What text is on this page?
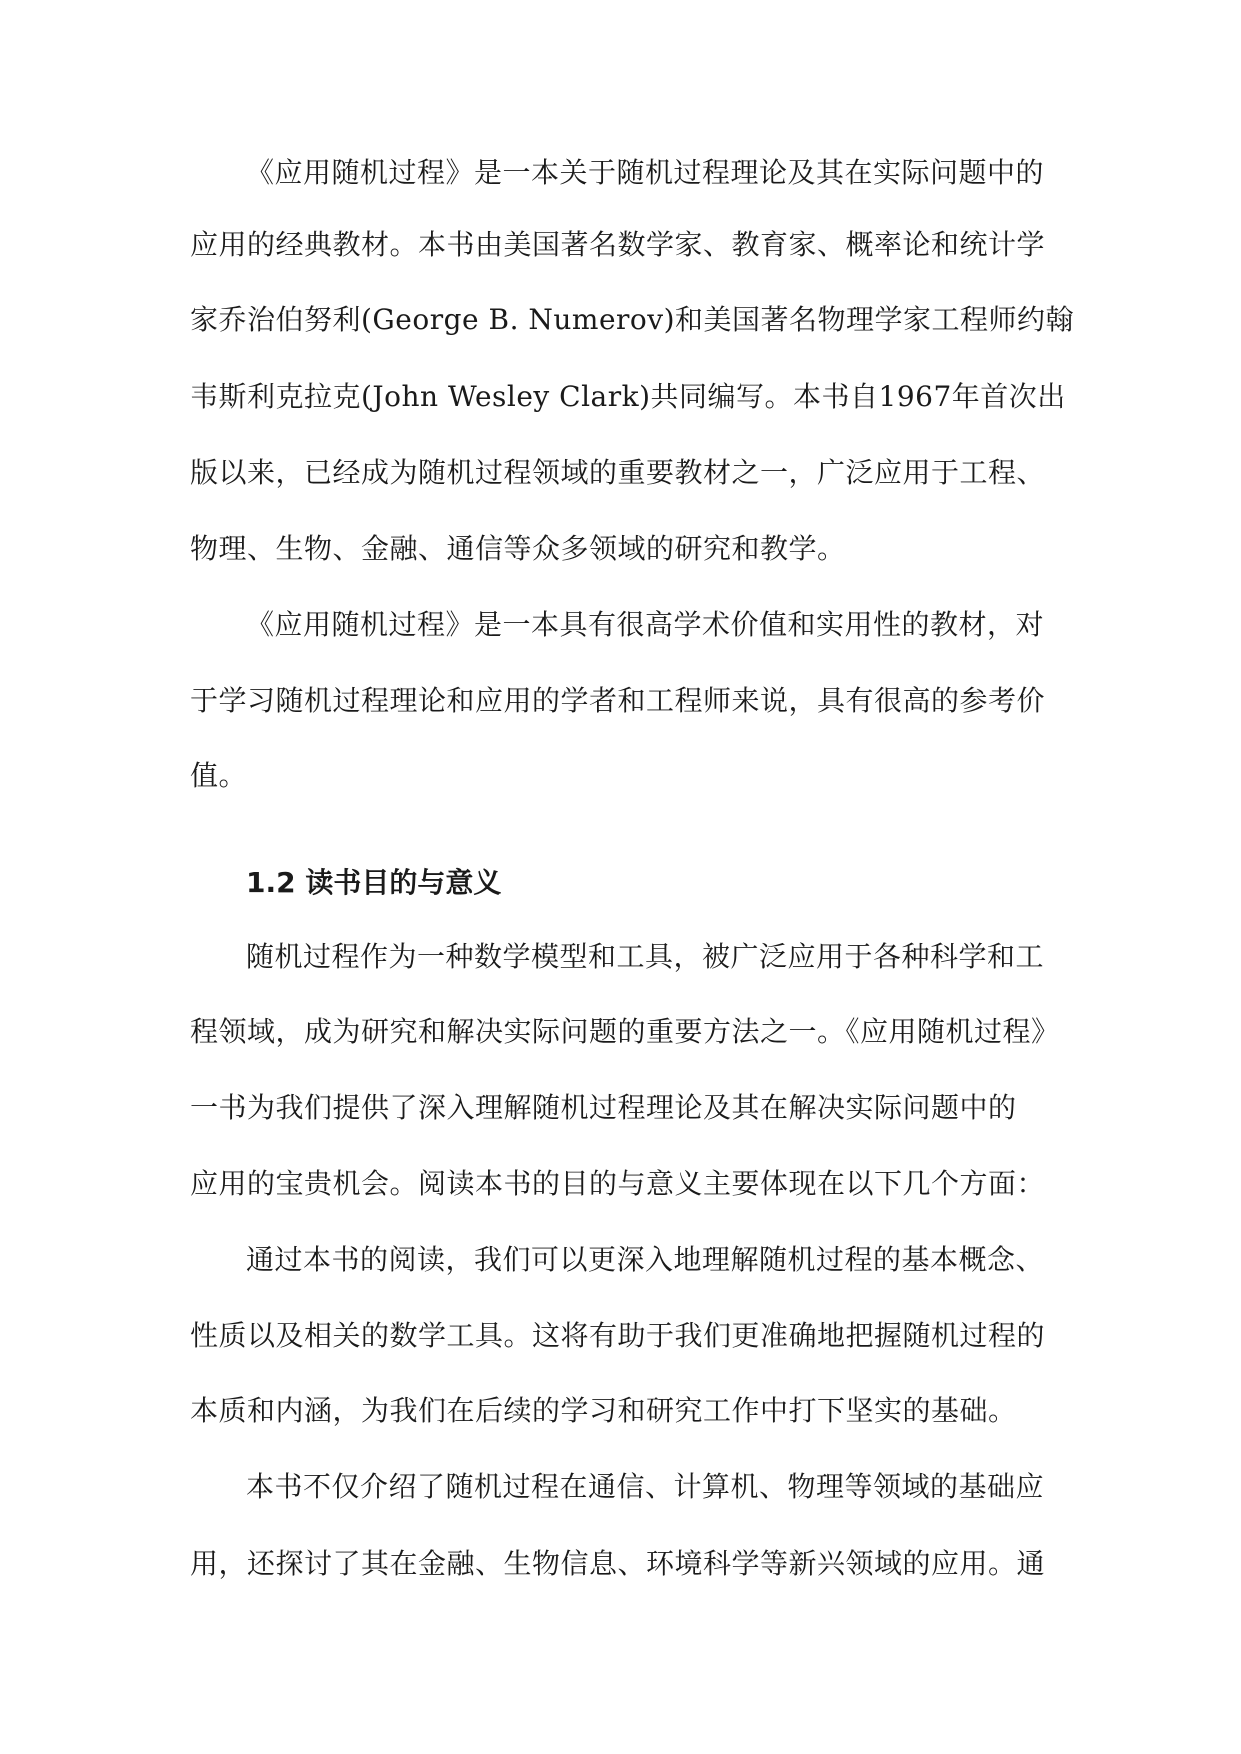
《应用随机过程》是一本关于随机过程理论及其在实际问题中的
应用的经典教材。本书由美国著名数学家、教育家、概率论和统计学
家乔治伯努利(George B. Numerov)和美国著名物理学家工程师约翰
韦斯利克拉克(John Wesley Clark)共同编写。本书自1967年首次出
版以来，已经成为随机过程领域的重要教材之一，广泛应用于工程、
物理、生物、金融、通信等众多领域的研究和教学。
《应用随机过程》是一本具有很高学术价值和实用性的教材，对
于学习随机过程理论和应用的学者和工程师来说，具有很高的参考价
值。
1.2 读书目的与意义
随机过程作为一种数学模型和工具，被广泛应用于各种科学和工
程领域，成为研究和解决实际问题的重要方法之一。《应用随机过程》
一书为我们提供了深入理解随机过程理论及其在解决实际问题中的
应用的宝贵机会。阅读本书的目的与意义主要体现在以下几个方面：
通过本书的阅读，我们可以更深入地理解随机过程的基本概念、
性质以及相关的数学工具。这将有助于我们更准确地把握随机过程的
本质和内涵，为我们在后续的学习和研究工作中打下坚实的基础。
本书不仅介绍了随机过程在通信、计算机、物理等领域的基础应
用，还探讨了其在金融、生物信息、环境科学等新兴领域的应用。通
